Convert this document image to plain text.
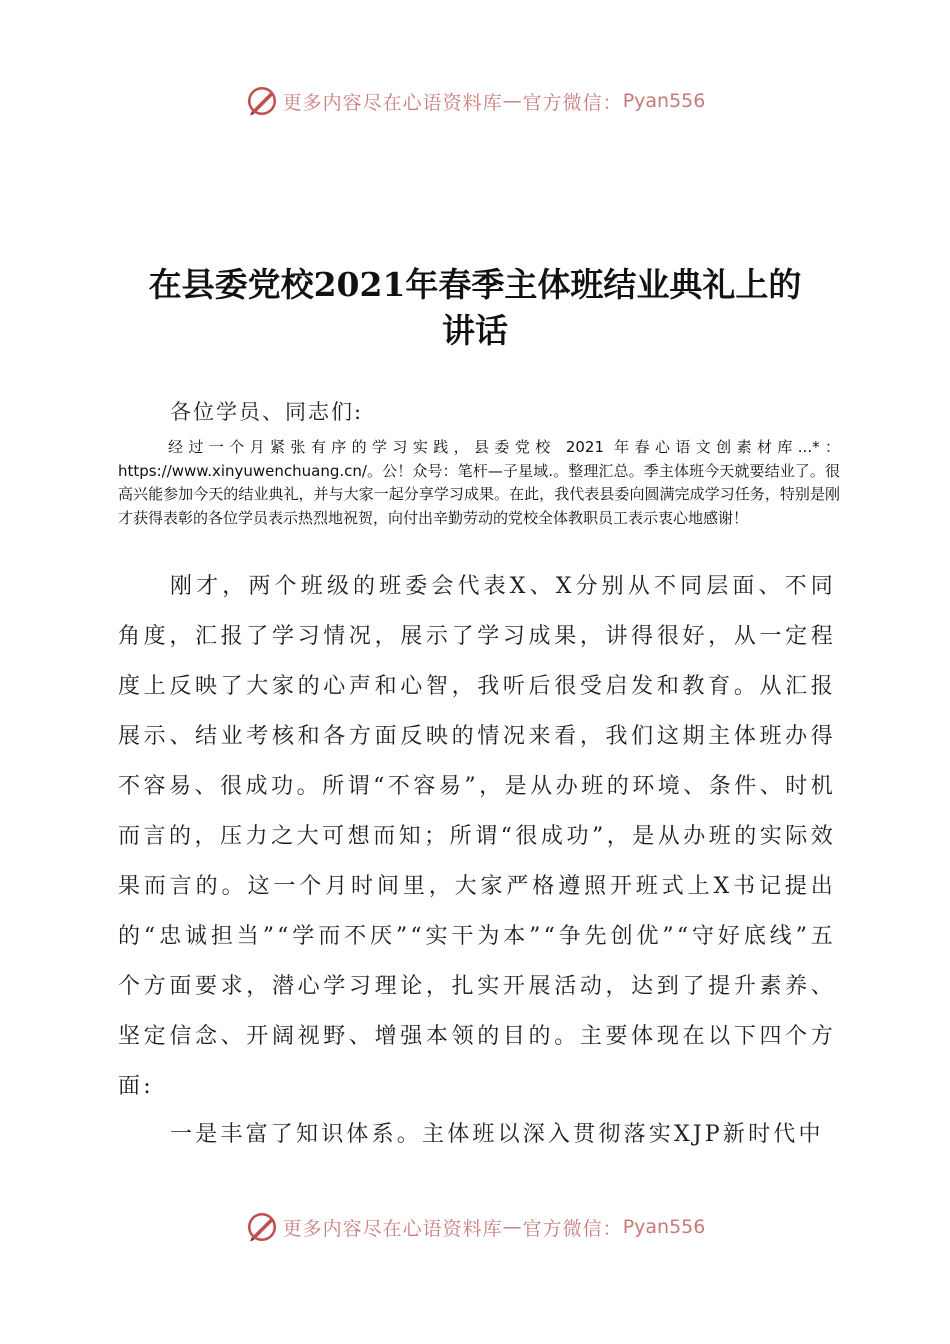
更多内容尽在心语资料库 — 官方微信： Pyan556
在县委党校2021年春季主体班结业典礼上的
讲话
各位学员、同志们:
经过一个月紧张有序的学习实践，县委党校 2021 年春心语文创素材库...*：https://www.xinyuwenchuang.cn/。公！众号：笔杆—子星域.。整理汇总。季主体班今天就要结业了。很高兴能参加今天的结业典礼，并与大家一起分享学习成果。在此，我代表县委向圆满完成学习任务，特别是刚才获得表彰的各位学员表示热烈地祝贺，向付出辛勤劳动的党校全体教职员工表示衷心地感谢！
刚才，两个班级的班委会代表X、X分别从不同层面、不同角度，汇报了学习情况，展示了学习成果，讲得很好，从一定程度上反映了大家的心声和心智，我听后很受启发和教育。从汇报展示、结业考核和各方面反映的情况来看，我们这期主体班办得不容易、很成功。所谓“不容易”，是从办班的环境、条件、时机而言的，压力之大可想而知；所谓“很成功”，是从办班的实际效果而言的。这一个月时间里，大家严格遵照开班式上X书记提出的“忠诚担当”“学而不厌”“实干为本”“争先创优”“守好底线”五个方面要求，潜心学习理论，扎实开展活动，达到了提升素养、坚定信念、开阔视野、增强本领的目的。主要体现在以下四个方面:
一是丰富了知识体系。主体班以深入贯彻落实XJP新时代中
更多内容尽在心语资料库 — 官方微信： Pyan556
